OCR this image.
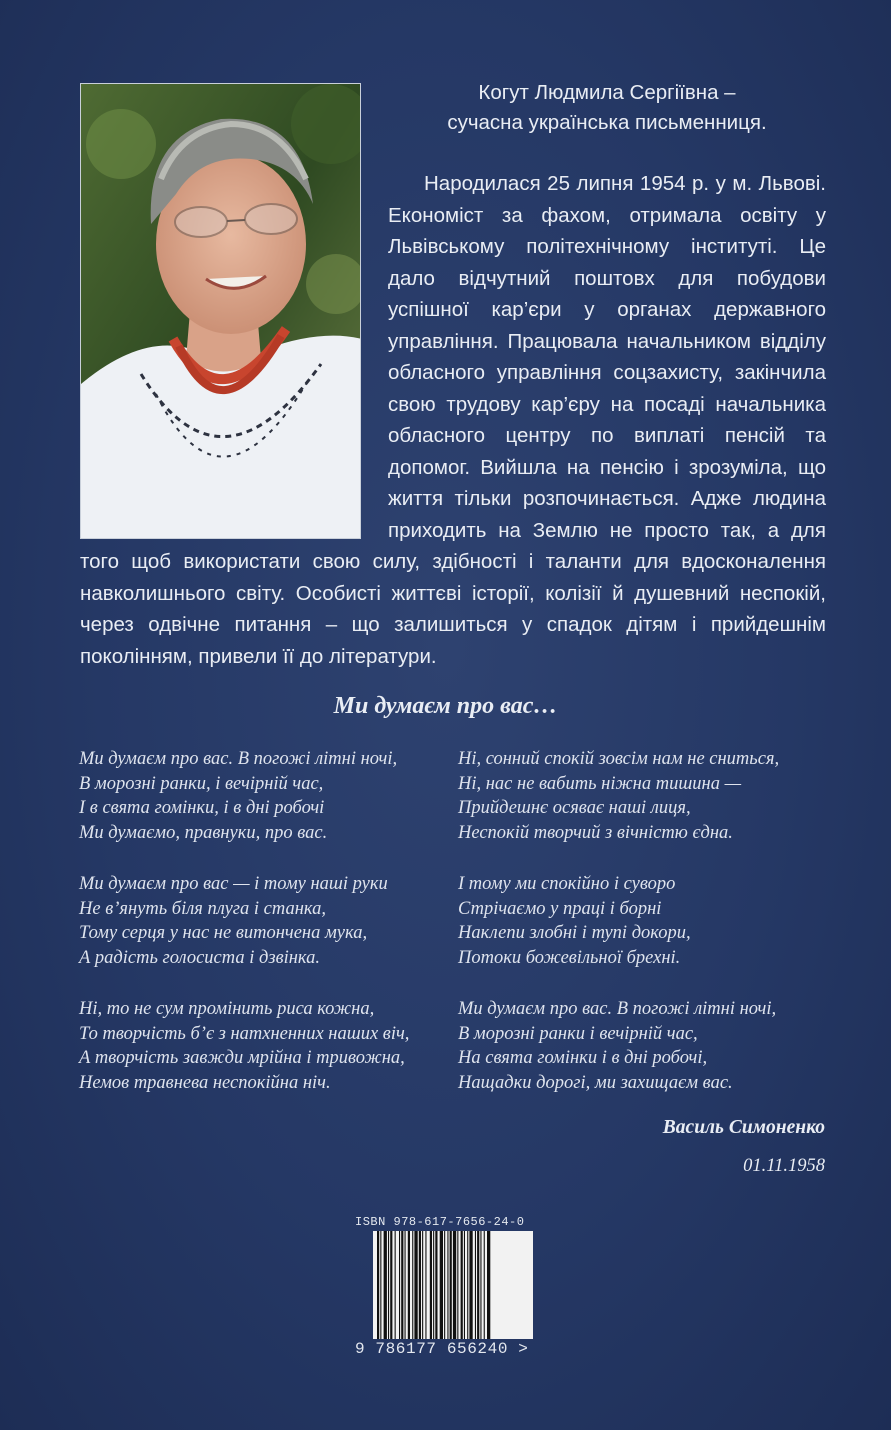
Когут Людмила Сергіївна –

сучасна українська письменниця.

Народилася 25 липня 1954 р. у м. Львові. Економіст за фахом, отримала освіту у Львівському політехнічному інституті. Це дало відчутний поштовх для побудови успішної кар’єри у органах державного управління. Працювала начальником відділу обласного управління соцзахисту, закінчила свою трудову кар’єру на посаді начальника обласного центру по виплаті пенсій та допомог. Вийшла на пенсію і зрозуміла, що життя тільки розпочинається. Адже людина приходить на Землю не просто так, а для того щоб використати свою силу, здібності і таланти для вдосконалення навколишнього світу. Особисті життєві історії, колізії й душевний неспокій, через одвічне питання – що залишиться у спадок дітям і прийдешнім поколінням, привели її до літератури.

Ми думаєм про вас…
Ми думаєм про вас. В погожі літні ночі,
В морозні ранки, і вечірній час,
І в свята гомінки, і в дні робочі
Ми думаємо, правнуки, про вас.
Ми думаєм про вас — і тому наші руки
Не в’януть біля плуга і станка,
Тому серця у нас не витончена мука,
А радість голосиста і дзвінка.
Ні, то не сум промінить риса кожна,
То творчість б’є з натхненних наших віч,
А творчість завжди мрійна і тривожна,
Немов травнева неспокійна ніч.
Ні, сонний спокій зовсім нам не сниться,
Ні, нас не вабить ніжна тишина —
Прийдешнє осяває наші лиця,
Неспокій творчий з вічністю єдна.
І тому ми спокійно і суворо
Стрічаємо у праці і борні
Наклепи злобні і тупі докори,
Потоки божевільної брехні.
Ми думаєм про вас. В погожі літні ночі,
В морозні ранки і вечірній час,
На свята гомінки і в дні робочі,
Нащадки дорогі, ми захищаєм вас.
Василь Симоненко
01.11.1958
ISBN 978-617-7656-24-0
9 786177 656240 >
